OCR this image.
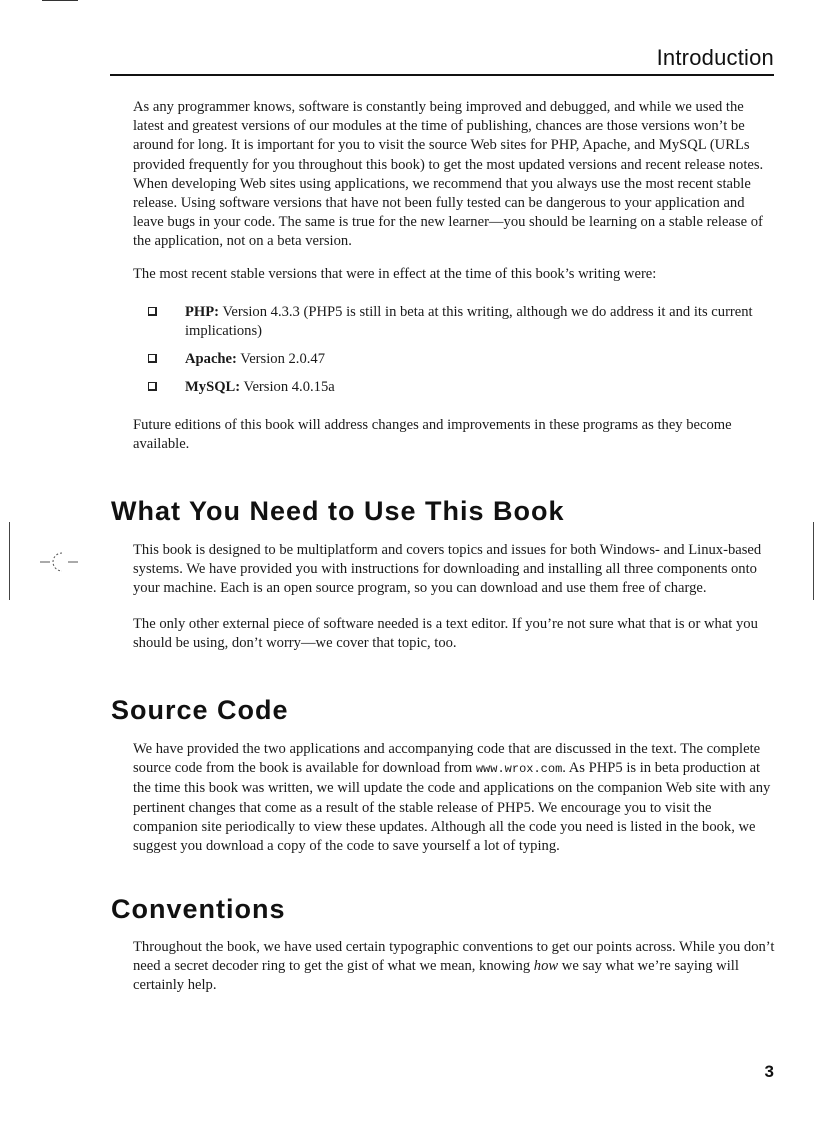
Introduction

As any programmer knows, software is constantly being improved and debugged, and while we used the latest and greatest versions of our modules at the time of publishing, chances are those versions won’t be around for long. It is important for you to visit the source Web sites for PHP, Apache, and MySQL (URLs provided frequently for you throughout this book) to get the most updated versions and recent release notes. When developing Web sites using applications, we recommend that you always use the most recent stable release. Using software versions that have not been fully tested can be dangerous to your application and leave bugs in your code. The same is true for the new learner—you should be learning on a stable release of the application, not on a beta version.

The most recent stable versions that were in effect at the time of this book’s writing were:

PHP: Version 4.3.3 (PHP5 is still in beta at this writing, although we do address it and its current implications)
Apache: Version 2.0.47
MySQL: Version 4.0.15a

Future editions of this book will address changes and improvements in these programs as they become available.

What You Need to Use This Book

This book is designed to be multiplatform and covers topics and issues for both Windows- and Linux-based systems. We have provided you with instructions for downloading and installing all three components onto your machine. Each is an open source program, so you can download and use them free of charge.

The only other external piece of software needed is a text editor. If you’re not sure what that is or what you should be using, don’t worry—we cover that topic, too.

Source Code

We have provided the two applications and accompanying code that are discussed in the text. The complete source code from the book is available for download from www.wrox.com. As PHP5 is in beta production at the time this book was written, we will update the code and applications on the companion Web site with any pertinent changes that come as a result of the stable release of PHP5. We encourage you to visit the companion site periodically to view these updates. Although all the code you need is listed in the book, we suggest you download a copy of the code to save yourself a lot of typing.

Conventions

Throughout the book, we have used certain typographic conventions to get our points across. While you don’t need a secret decoder ring to get the gist of what we mean, knowing how we say what we’re saying will certainly help.

3
